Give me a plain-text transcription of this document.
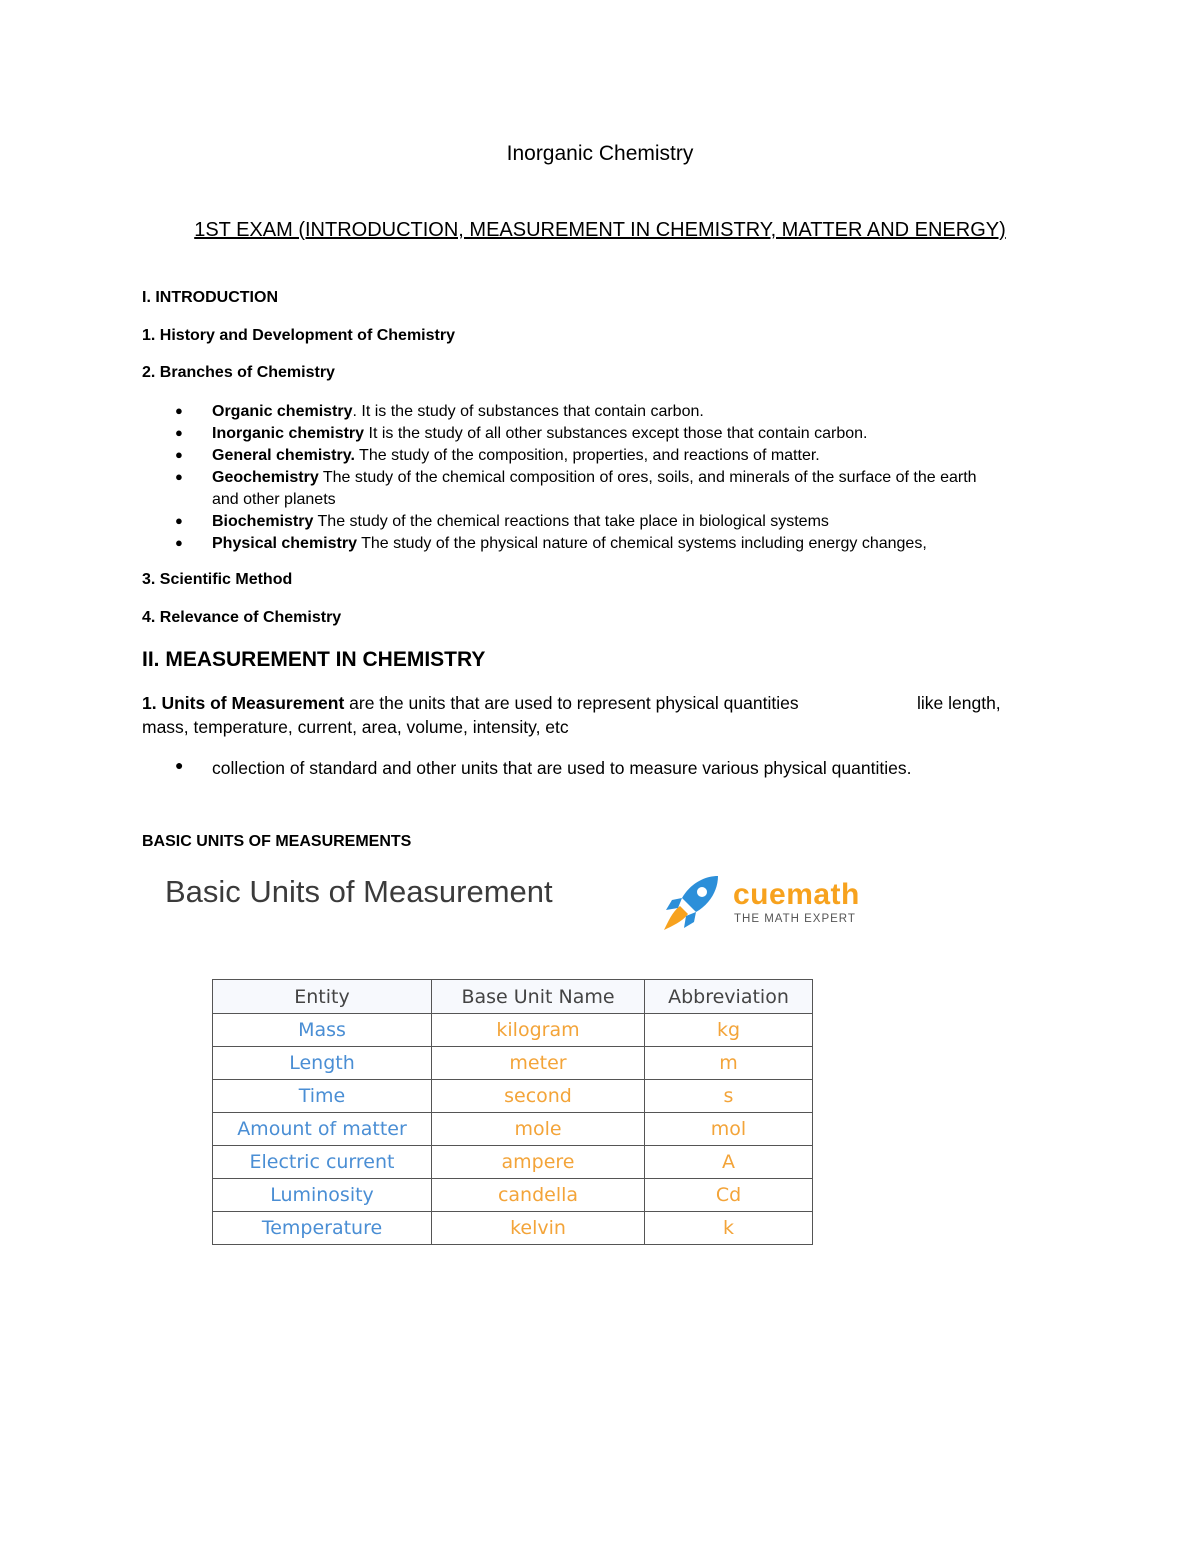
Inorganic Chemistry
1ST EXAM (INTRODUCTION, MEASUREMENT IN CHEMISTRY, MATTER AND ENERGY)
I. INTRODUCTION
1. History and Development of Chemistry
2. Branches of Chemistry
● Organic chemistry. It is the study of substances that contain carbon.
● Inorganic chemistry It is the study of all other substances except those that contain carbon.
● General chemistry. The study of the composition, properties, and reactions of matter.
● Geochemistry The study of the chemical composition of ores, soils, and minerals of the surface of the earth
and other planets
● Biochemistry The study of the chemical reactions that take place in biological systems
● Physical chemistry The study of the physical nature of chemical systems including energy changes,
3. Scientific Method
4. Relevance of Chemistry
II. MEASUREMENT IN CHEMISTRY
1. Units of Measurement are the units that are used to represent physical quantities	like length,
mass, temperature, current, area, volume, intensity, etc
● collection of standard and other units that are used to measure various physical quantities.
BASIC UNITS OF MEASUREMENTS
Basic Units of Measurement	cuemath
THE MATH EXPERT
Entity	Base Unit Name	Abbreviation
Mass	kilogram	kg
Length	meter	m
Time	second	s
Amount of matter	mole	mol
Electric current	ampere	A
Luminosity	candella	Cd
Temperature	kelvin	k
